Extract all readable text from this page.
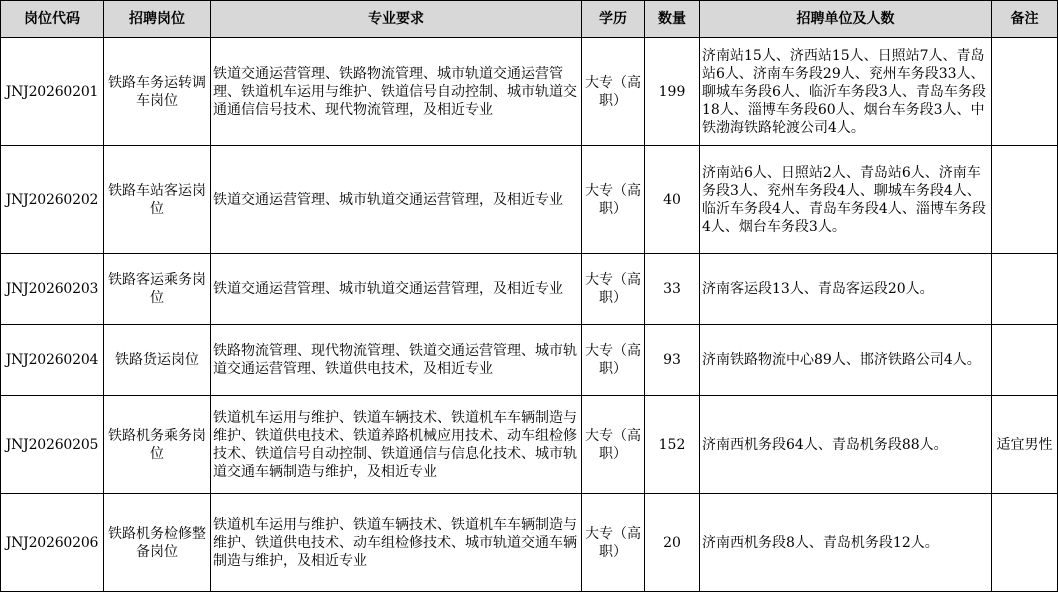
岗位代码	招聘岗位	专业要求	学历	数量	招聘单位及人数	备注
JNJ20260201	铁路车务运转调车岗位	铁道交通运营管理、铁路物流管理、城市轨道交通运营管理、铁道机车运用与维护、铁道信号自动控制、城市轨道交通通信信号技术、现代物流管理，及相近专业	大专（高职）	199	济南站15人、济西站15人、日照站7人、青岛站6人、济南车务段29人、兖州车务段33人、聊城车务段6人、临沂车务段3人、青岛车务段18人、淄博车务段60人、烟台车务段3人、中铁渤海铁路轮渡公司4人。	
JNJ20260202	铁路车站客运岗位	铁道交通运营管理、城市轨道交通运营管理，及相近专业	大专（高职）	40	济南站6人、日照站2人、青岛站6人、济南车务段3人、兖州车务段4人、聊城车务段4人、临沂车务段4人、青岛车务段4人、淄博车务段4人、烟台车务段3人。	
JNJ20260203	铁路客运乘务岗位	铁道交通运营管理、城市轨道交通运营管理，及相近专业	大专（高职）	33	济南客运段13人、青岛客运段20人。	
JNJ20260204	铁路货运岗位	铁路物流管理、现代物流管理、铁道交通运营管理、城市轨道交通运营管理、铁道供电技术，及相近专业	大专（高职）	93	济南铁路物流中心89人、邯济铁路公司4人。	
JNJ20260205	铁路机务乘务岗位	铁道机车运用与维护、铁道车辆技术、铁道机车车辆制造与维护、铁道供电技术、铁道养路机械应用技术、动车组检修技术、铁道信号自动控制、铁道通信与信息化技术、城市轨道交通车辆制造与维护，及相近专业	大专（高职）	152	济南西机务段64人、青岛机务段88人。	适宜男性
JNJ20260206	铁路机务检修整备岗位	铁道机车运用与维护、铁道车辆技术、铁道机车车辆制造与维护、铁道供电技术、动车组检修技术、城市轨道交通车辆制造与维护，及相近专业	大专（高职）	20	济南西机务段8人、青岛机务段12人。	
